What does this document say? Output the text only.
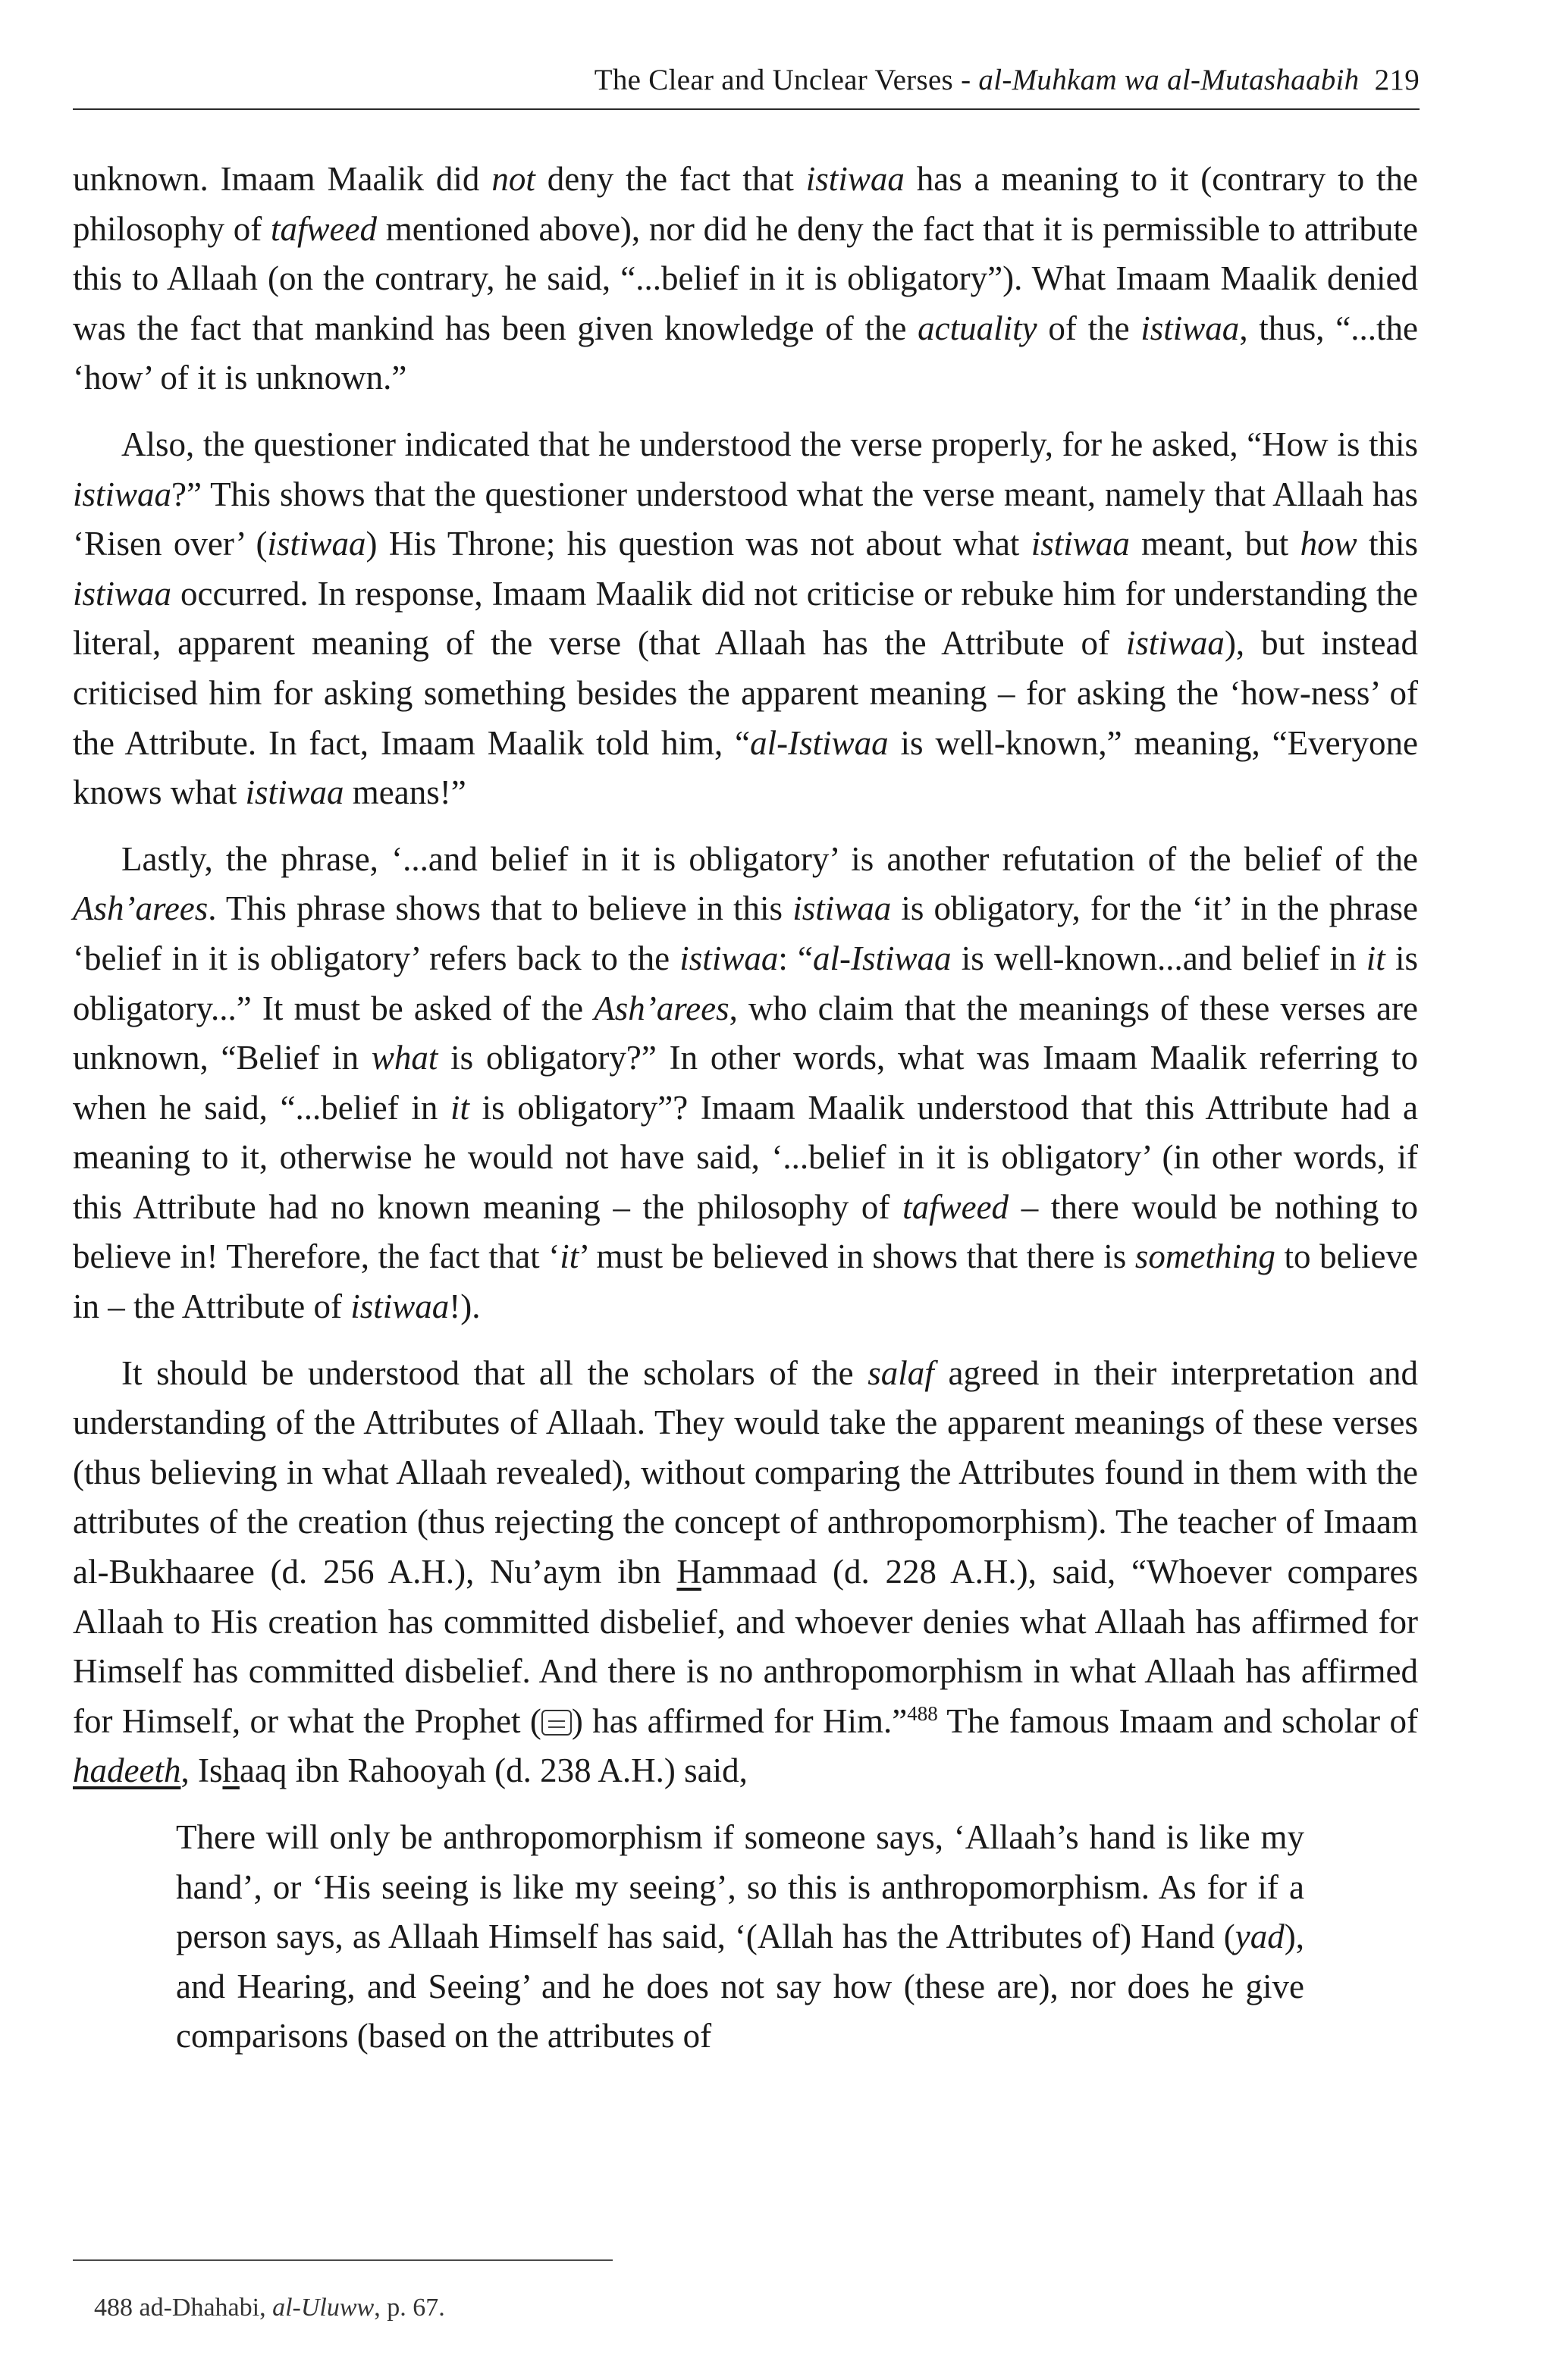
The Clear and Unclear Verses - al-Muhkam wa al-Mutashaabih 219

unknown. Imaam Maalik did not deny the fact that istiwaa has a meaning to it (contrary to the philosophy of tafweed mentioned above), nor did he deny the fact that it is permissible to attribute this to Allaah (on the contrary, he said, “...belief in it is obligatory”). What Imaam Maalik denied was the fact that mankind has been given knowledge of the actuality of the istiwaa, thus, “...the ‘how’ of it is unknown.”

Also, the questioner indicated that he understood the verse properly, for he asked, “How is this istiwaa?” This shows that the questioner understood what the verse meant, namely that Allaah has ‘Risen over’ (istiwaa) His Throne; his question was not about what istiwaa meant, but how this istiwaa occurred. In response, Imaam Maalik did not criticise or rebuke him for understanding the literal, apparent meaning of the verse (that Allaah has the Attribute of istiwaa), but instead criticised him for asking something besides the apparent meaning – for asking the ‘how-ness’ of the Attribute. In fact, Imaam Maalik told him, “al-Istiwaa is well-known,” meaning, “Everyone knows what istiwaa means!”

Lastly, the phrase, ‘...and belief in it is obligatory’ is another refutation of the belief of the Ash’arees. This phrase shows that to believe in this istiwaa is obligatory, for the ‘it’ in the phrase ‘belief in it is obligatory’ refers back to the istiwaa: “al-Istiwaa is well-known...and belief in it is obligatory...” It must be asked of the Ash’arees, who claim that the meanings of these verses are unknown, “Belief in what is obligatory?” In other words, what was Imaam Maalik referring to when he said, “...belief in it is obligatory”? Imaam Maalik understood that this Attribute had a meaning to it, otherwise he would not have said, ‘...belief in it is obligatory’ (in other words, if this Attribute had no known meaning – the philosophy of tafweed – there would be nothing to believe in! Therefore, the fact that ‘it’ must be believed in shows that there is something to believe in – the Attribute of istiwaa!).

It should be understood that all the scholars of the salaf agreed in their interpretation and understanding of the Attributes of Allaah. They would take the apparent meanings of these verses (thus believing in what Allaah revealed), without comparing the Attributes found in them with the attributes of the creation (thus rejecting the concept of anthropomorphism). The teacher of Imaam al-Bukhaaree (d. 256 A.H.), Nu’aym ibn Hammaad (d. 228 A.H.), said, “Whoever compares Allaah to His creation has committed disbelief, and whoever denies what Allaah has affirmed for Himself has committed disbelief. And there is no anthropomorphism in what Allaah has affirmed for Himself, or what the Prophet ( ) has affirmed for Him.”$^{488}$ The famous Imaam and scholar of hadeeth, Ishaaq ibn Rahooyah (d. 238 A.H.) said,

There will only be anthropomorphism if someone says, ‘Allaah’s hand is like my hand’, or ‘His seeing is like my seeing’, so this is anthropomorphism. As for if a person says, as Allaah Himself has said, ‘(Allah has the Attributes of) Hand (yad), and Hearing, and Seeing’ and he does not say how (these are), nor does he give comparisons (based on the attributes of

488 ad-Dhahabi, al-Uluww, p. 67.
